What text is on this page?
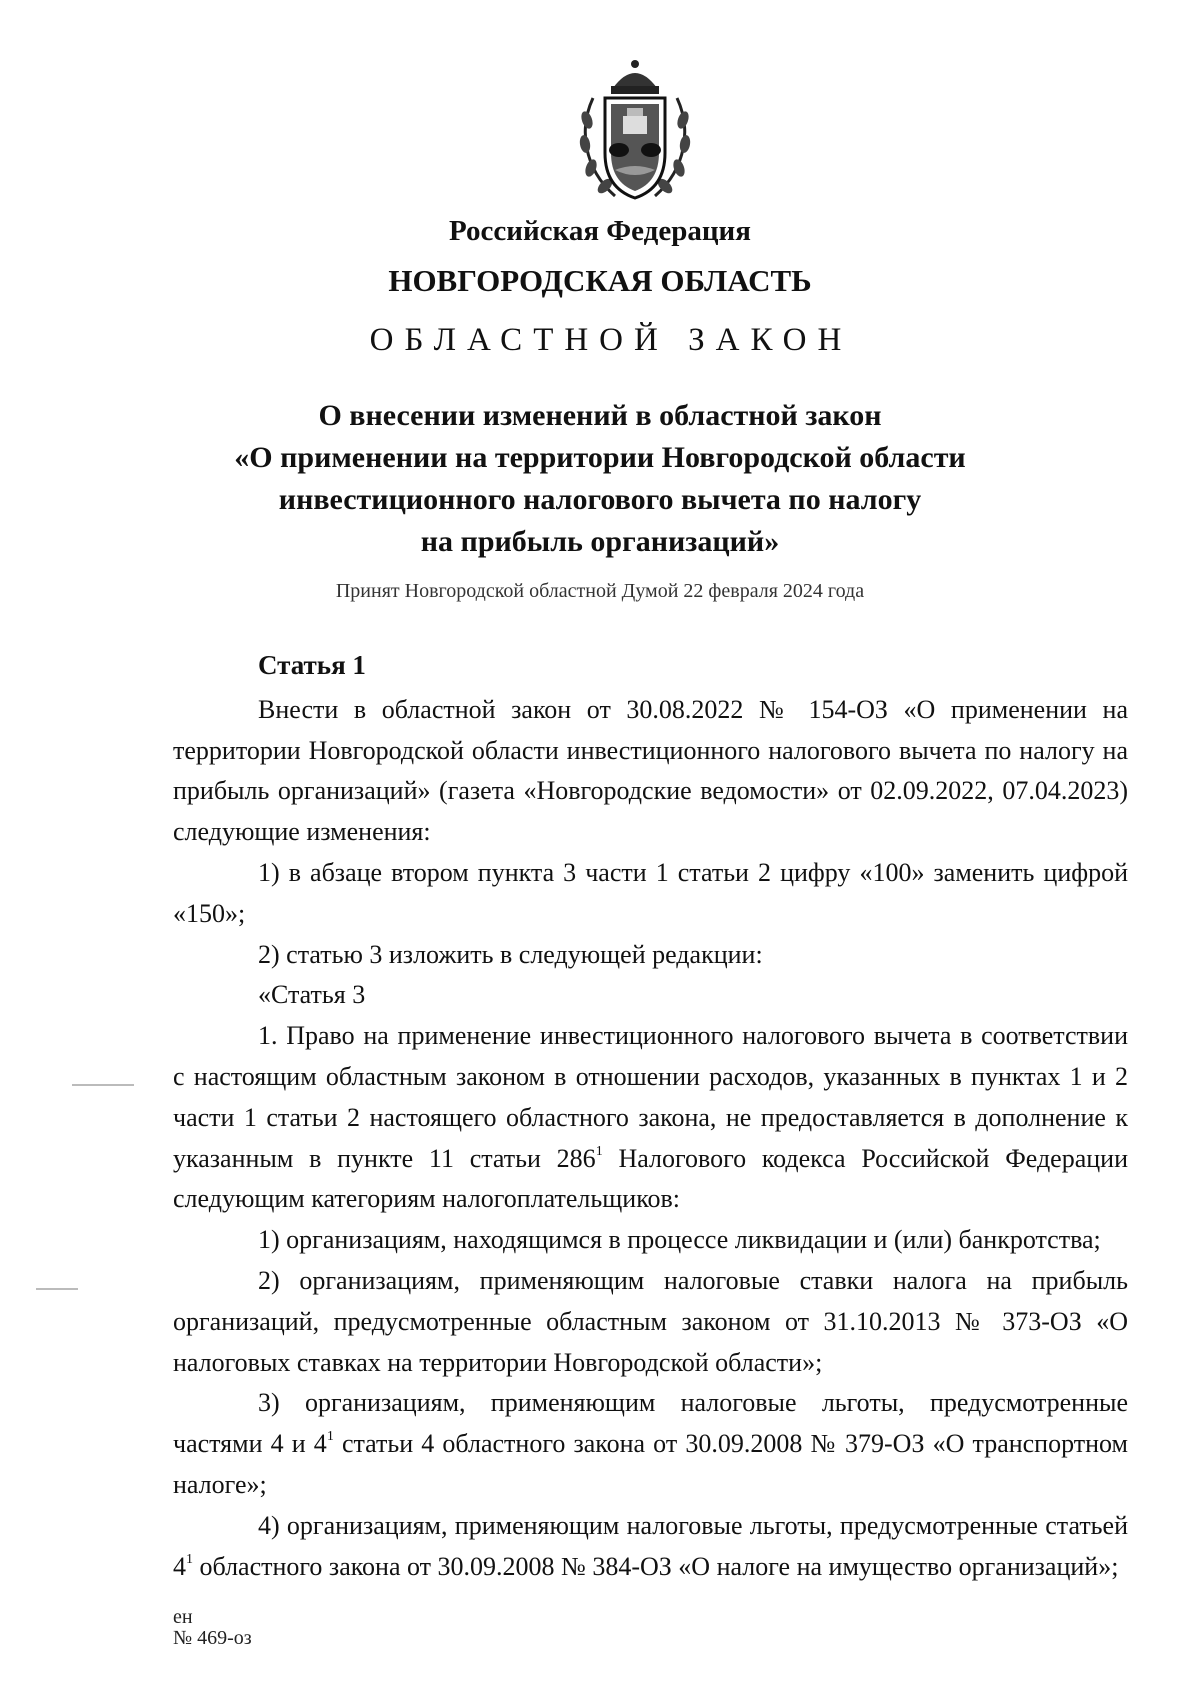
Российская Федерация
НОВГОРОДСКАЯ ОБЛАСТЬ
ОБЛАСТНОЙ ЗАКОН
О внесении изменений в областной закон
«О применении на территории Новгородской области
инвестиционного налогового вычета по налогу
на прибыль организаций»
Принят Новгородской областной Думой 22 февраля 2024 года

Статья 1

Внести в областной закон от 30.08.2022 № 154-ОЗ «О применении на территории Новгородской области инвестиционного налогового вычета по налогу на прибыль организаций» (газета «Новгородские ведомости» от 02.09.2022, 07.04.2023) следующие изменения:

1) в абзаце втором пункта 3 части 1 статьи 2 цифру «100» заменить цифрой «150»;

2) статью 3 изложить в следующей редакции:

«Статья 3

1. Право на применение инвестиционного налогового вычета в соответствии с настоящим областным законом в отношении расходов, указанных в пунктах 1 и 2 части 1 статьи 2 настоящего областного закона, не предоставляется в дополнение к указанным в пункте 11 статьи $286^1$ Налогового кодекса Российской Федерации следующим категориям налогоплательщиков:

1) организациям, находящимся в процессе ликвидации и (или) банкротства;

2) организациям, применяющим налоговые ставки налога на прибыль организаций, предусмотренные областным законом от 31.10.2013 № 373-ОЗ «О налоговых ставках на территории Новгородской области»;

3) организациям, применяющим налоговые льготы, предусмотренные частями 4 и $4^1$ статьи 4 областного закона от 30.09.2008 № 379-ОЗ «О транспортном налоге»;

4) организациям, применяющим налоговые льготы, предусмотренные статьей $4^1$ областного закона от 30.09.2008 № 384-ОЗ «О налоге на имущество организаций»;

ен
№ 469-оз
